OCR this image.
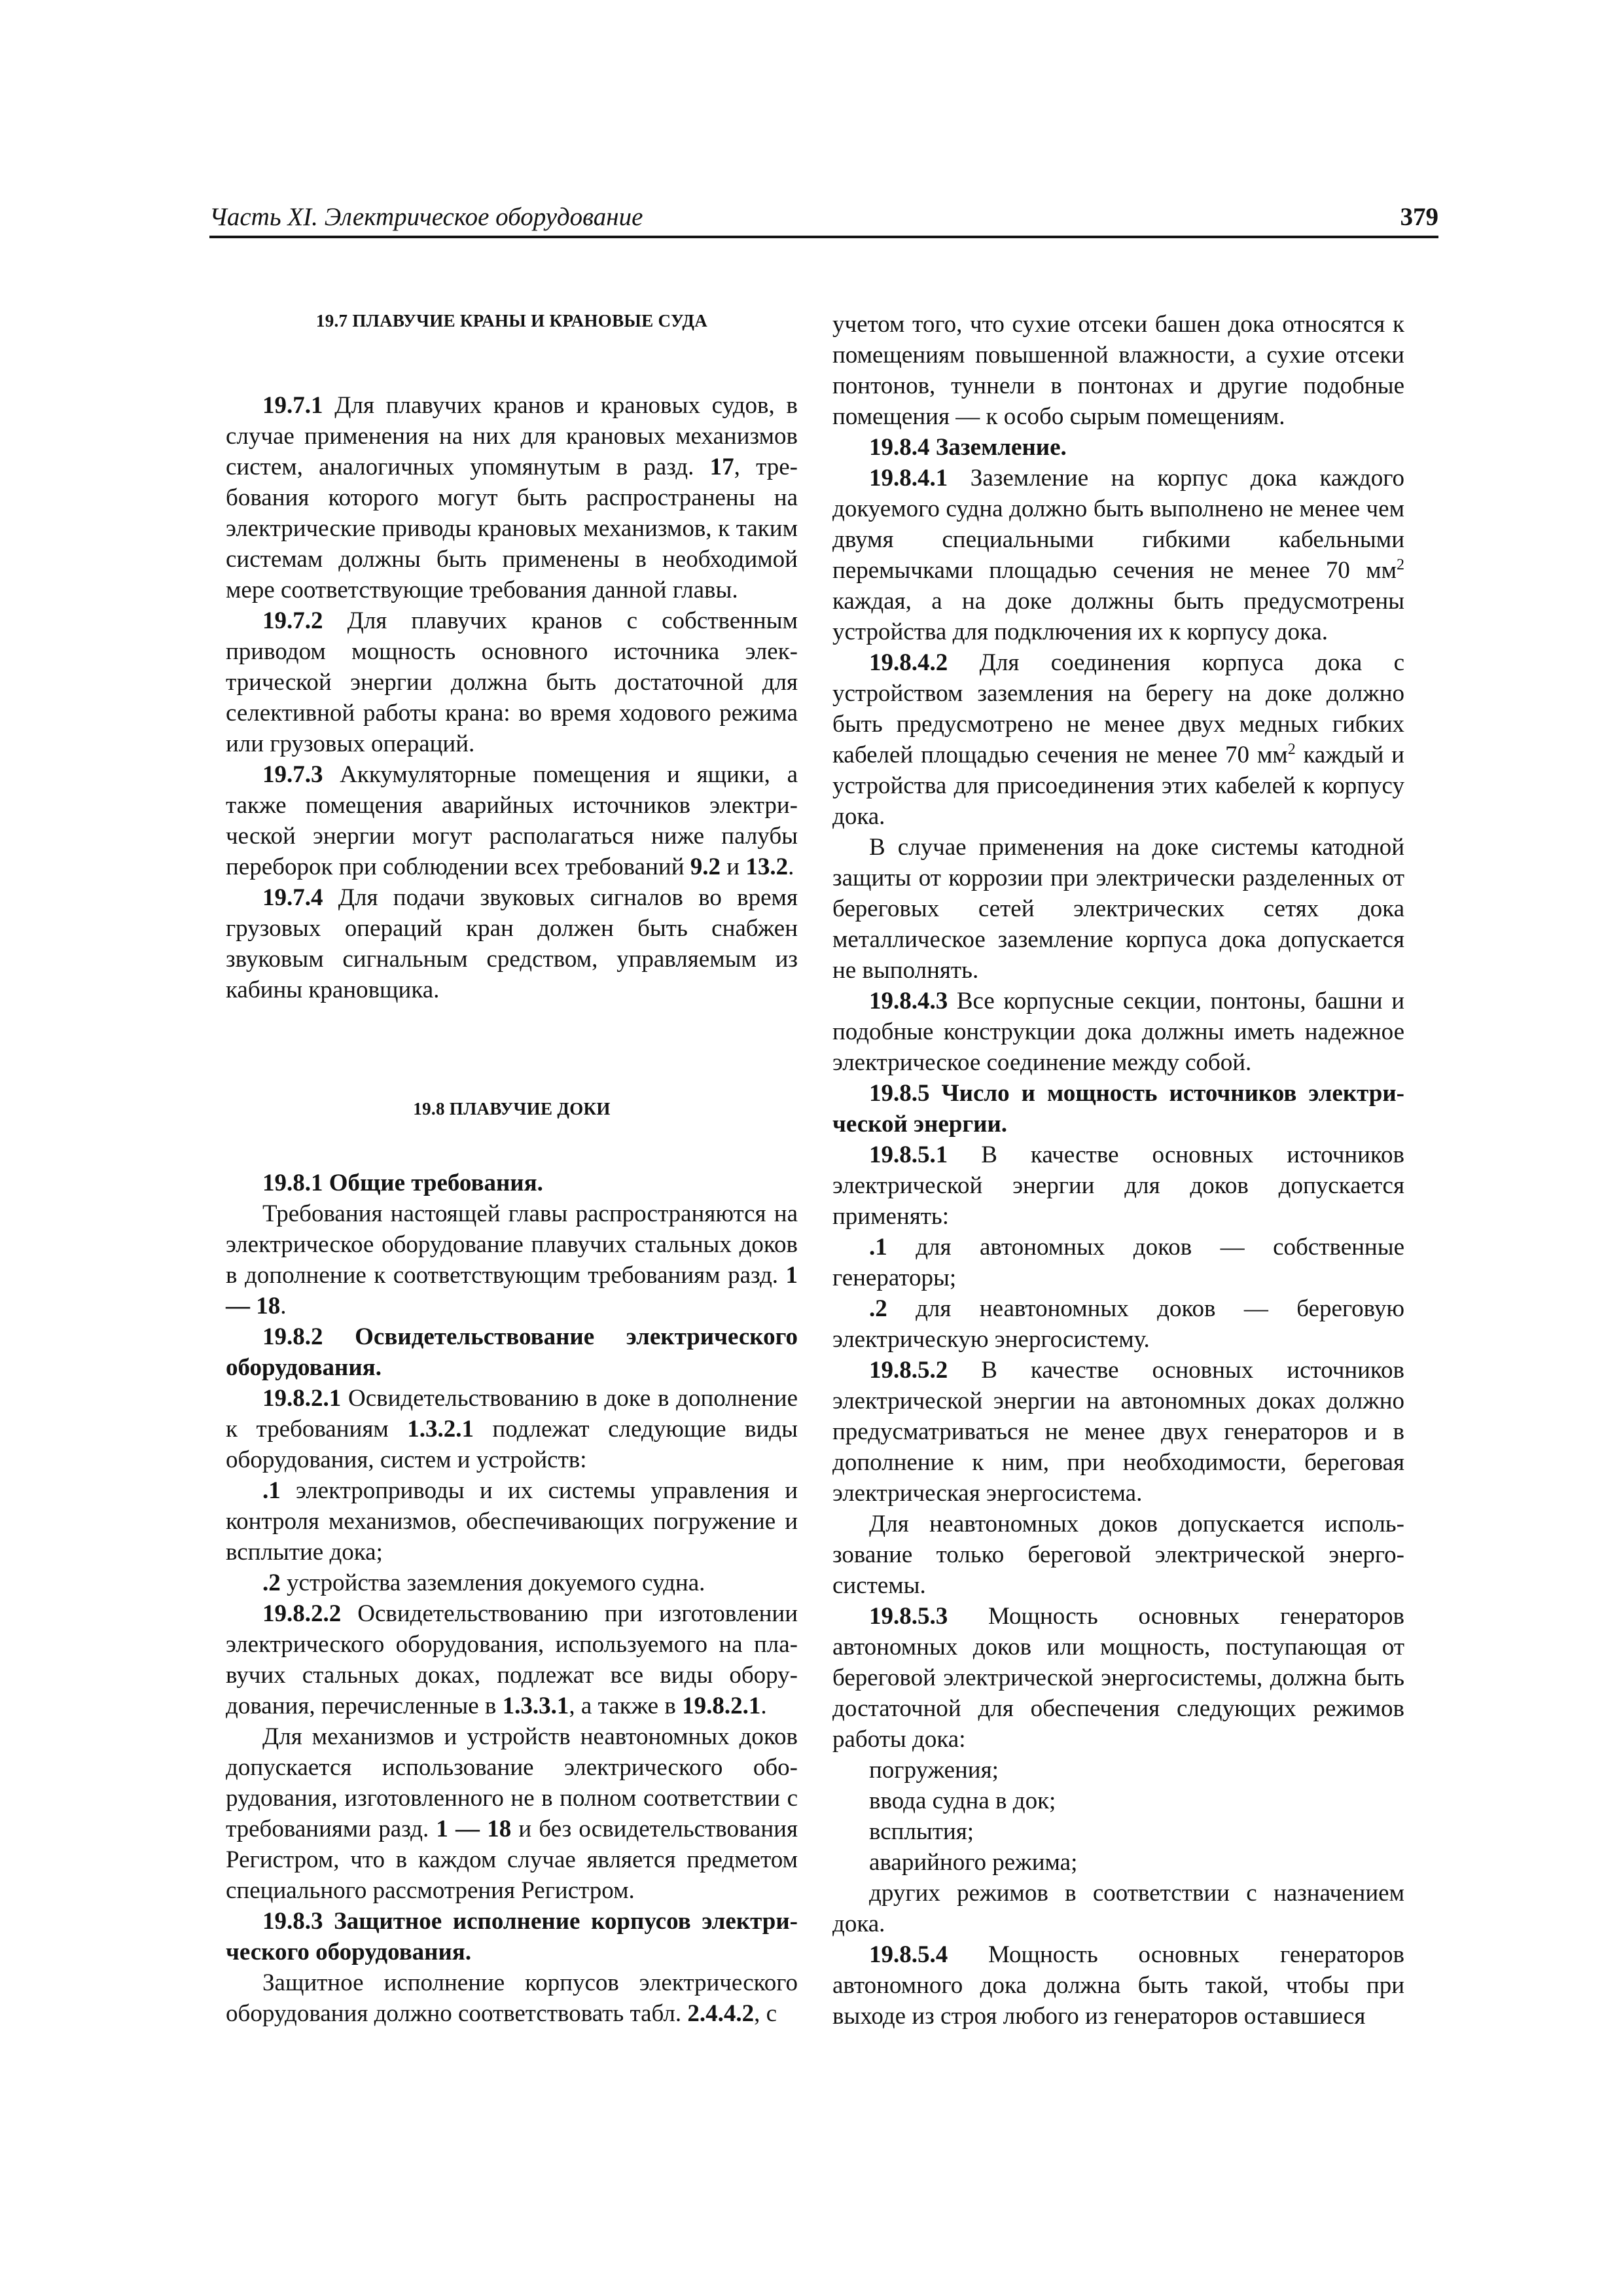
Часть XI. Электрическое оборудование	379
19.7 ПЛАВУЧИЕ КРАНЫ И КРАНОВЫЕ СУДА

19.7.1 Для плавучих кранов и крановых судов, в случае применения на них для крановых механизмов систем, аналогичных упомянутым в разд. 17, требования которого могут быть распространены на электрические приводы крановых механизмов, к таким системам должны быть применены в необходимой мере соответствующие требования данной главы.

19.7.2 Для плавучих кранов с собственным приводом мощность основного источника электрической энергии должна быть достаточной для селективной работы крана: во время ходового режима или грузовых операций.

19.7.3 Аккумуляторные помещения и ящики, а также помещения аварийных источников электрической энергии могут располагаться ниже палубы переборок при соблюдении всех требований 9.2 и 13.2.

19.7.4 Для подачи звуковых сигналов во время грузовых операций кран должен быть снабжен звуковым сигнальным средством, управляемым из кабины крановщика.

19.8 ПЛАВУЧИЕ ДОКИ

19.8.1 Общие требования.

Требования настоящей главы распространяются на электрическое оборудование плавучих стальных доков в дополнение к соответствующим требованиям разд. 1 — 18.

19.8.2 Освидетельствование электрического оборудования.

19.8.2.1 Освидетельствованию в доке в дополнение к требованиям 1.3.2.1 подлежат следующие виды оборудования, систем и устройств:

.1 электроприводы и их системы управления и контроля механизмов, обеспечивающих погружение и всплытие дока;

.2 устройства заземления докуемого судна.

19.8.2.2 Освидетельствованию при изготовлении электрического оборудования, используемого на плавучих стальных доках, подлежат все виды оборудования, перечисленные в 1.3.3.1, а также в 19.8.2.1.

Для механизмов и устройств неавтономных доков допускается использование электрического оборудования, изготовленного не в полном соответствии с требованиями разд. 1 — 18 и без освидетельствования Регистром, что в каждом случае является предметом специального рассмотрения Регистром.

19.8.3 Защитное исполнение корпусов электрического оборудования.

Защитное исполнение корпусов электрического оборудования должно соответствовать табл. 2.4.4.2, с

учетом того, что сухие отсеки башен дока относятся к помещениям повышенной влажности, а сухие отсеки понтонов, туннели в понтонах и другие подобные помещения — к особо сырым помещениям.

19.8.4 Заземление.

19.8.4.1 Заземление на корпус дока каждого докуемого судна должно быть выполнено не менее чем двумя специальными гибкими кабельными перемычками площадью сечения не менее 70 $мм^2$ каждая, а на доке должны быть предусмотрены устройства для подключения их к корпусу дока.

19.8.4.2 Для соединения корпуса дока с устройством заземления на берегу на доке должно быть предусмотрено не менее двух медных гибких кабелей площадью сечения не менее 70 $мм^2$ каждый и устройства для присоединения этих кабелей к корпусу дока.

В случае применения на доке системы катодной защиты от коррозии при электрически разделенных от береговых сетей электрических сетях дока металлическое заземление корпуса дока допускается не выполнять.

19.8.4.3 Все корпусные секции, понтоны, башни и подобные конструкции дока должны иметь надежное электрическое соединение между собой.

19.8.5 Число и мощность источников электрической энергии.

19.8.5.1 В качестве основных источников электрической энергии для доков допускается применять:

.1 для автономных доков — собственные генераторы;

.2 для неавтономных доков — береговую электрическую энергосистему.

19.8.5.2 В качестве основных источников электрической энергии на автономных доках должно предусматриваться не менее двух генераторов и в дополнение к ним, при необходимости, береговая электрическая энергосистема.

Для неавтономных доков допускается использование только береговой электрической энергосистемы.

19.8.5.3 Мощность основных генераторов автономных доков или мощность, поступающая от береговой электрической энергосистемы, должна быть достаточной для обеспечения следующих режимов работы дока:

погружения;

ввода судна в док;

всплытия;

аварийного режима;

других режимов в соответствии с назначением дока.

19.8.5.4 Мощность основных генераторов автономного дока должна быть такой, чтобы при выходе из строя любого из генераторов оставшиеся
